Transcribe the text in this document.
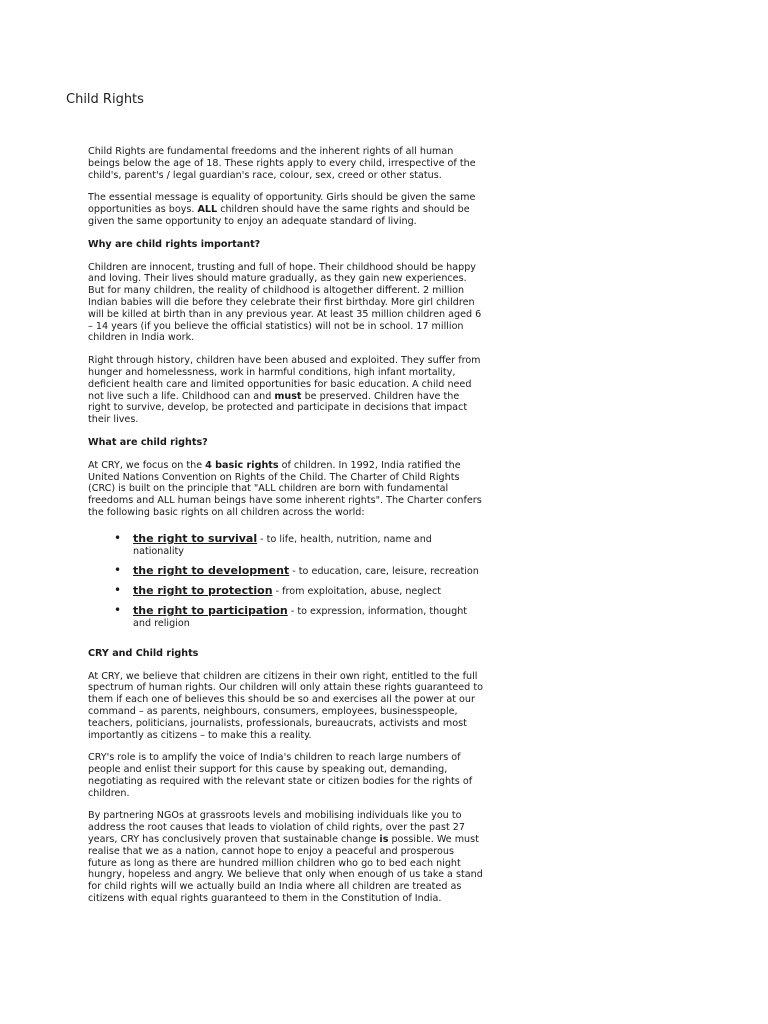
Child Rights

Child Rights are fundamental freedoms and the inherent rights of all human beings below the age of 18. These rights apply to every child, irrespective of the child's, parent's / legal guardian's race, colour, sex, creed or other status.

The essential message is equality of opportunity. Girls should be given the same opportunities as boys. ALL children should have the same rights and should be given the same opportunity to enjoy an adequate standard of living.

Why are child rights important?

Children are innocent, trusting and full of hope. Their childhood should be happy and loving. Their lives should mature gradually, as they gain new experiences. But for many children, the reality of childhood is altogether different. 2 million Indian babies will die before they celebrate their first birthday. More girl children will be killed at birth than in any previous year. At least 35 million children aged 6 – 14 years (if you believe the official statistics) will not be in school. 17 million children in India work.

Right through history, children have been abused and exploited. They suffer from hunger and homelessness, work in harmful conditions, high infant mortality, deficient health care and limited opportunities for basic education. A child need not live such a life. Childhood can and must be preserved. Children have the right to survive, develop, be protected and participate in decisions that impact their lives.

What are child rights?

At CRY, we focus on the 4 basic rights of children. In 1992, India ratified the United Nations Convention on Rights of the Child. The Charter of Child Rights (CRC) is built on the principle that "ALL children are born with fundamental freedoms and ALL human beings have some inherent rights". The Charter confers the following basic rights on all children across the world:

• the right to survival - to life, health, nutrition, name and nationality
• the right to development - to education, care, leisure, recreation
• the right to protection - from exploitation, abuse, neglect
• the right to participation - to expression, information, thought and religion
CRY and Child rights

At CRY, we believe that children are citizens in their own right, entitled to the full spectrum of human rights. Our children will only attain these rights guaranteed to them if each one of believes this should be so and exercises all the power at our command – as parents, neighbours, consumers, employees, businesspeople, teachers, politicians, journalists, professionals, bureaucrats, activists and most importantly as citizens – to make this a reality.

CRY's role is to amplify the voice of India's children to reach large numbers of people and enlist their support for this cause by speaking out, demanding, negotiating as required with the relevant state or citizen bodies for the rights of children.

By partnering NGOs at grassroots levels and mobilising individuals like you to address the root causes that leads to violation of child rights, over the past 27 years, CRY has conclusively proven that sustainable change is possible. We must realise that we as a nation, cannot hope to enjoy a peaceful and prosperous future as long as there are hundred million children who go to bed each night hungry, hopeless and angry. We believe that only when enough of us take a stand for child rights will we actually build an India where all children are treated as citizens with equal rights guaranteed to them in the Constitution of India.
